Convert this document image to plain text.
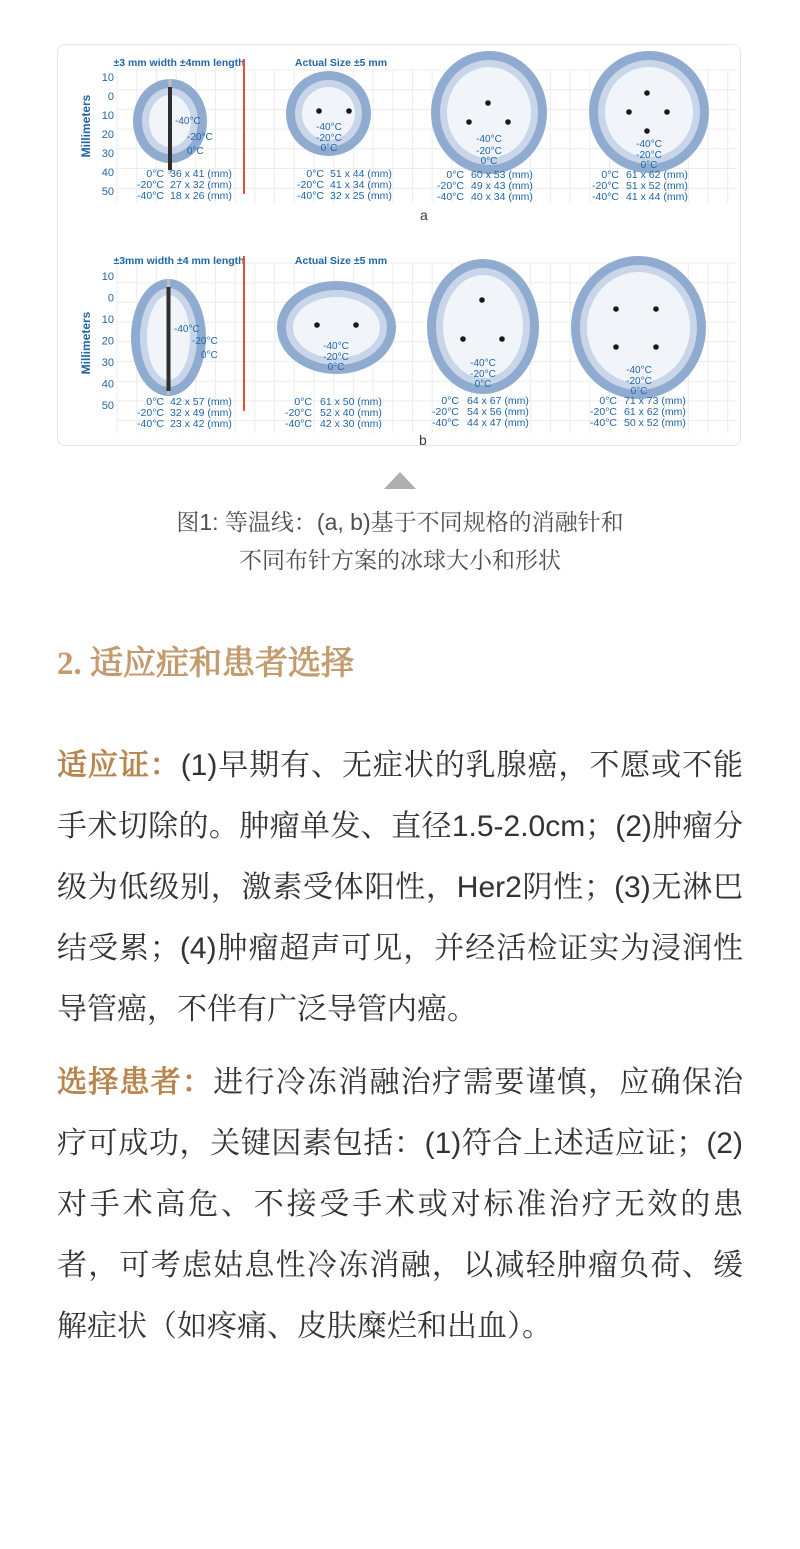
Millimeters
10
0
10
20
30
40
50
±3 mm width ±4mm length	Actual Size ±5 mm
-40°C
-20°C
0°C
0°C 36 x 41 (mm)
-20°C 27 x 32 (mm)
-40°C 18 x 26 (mm)
-40°C
-20°C
0°C
0°C 51 x 44 (mm)
-20°C 41 x 34 (mm)
-40°C 32 x 25 (mm)
-40°C
-20°C
0°C
0°C 60 x 53 (mm)
-20°C 49 x 43 (mm)
-40°C 40 x 34 (mm)
-40°C
-20°C
0°C
0°C 61 x 62 (mm)
-20°C 51 x 52 (mm)
-40°C 41 x 44 (mm)
a
Millimeters
10
0
10
20
30
40
50
±3mm width ±4 mm length	Actual Size ±5 mm
-40°C
-20°C
0°C
0°C 42 x 57 (mm)
-20°C 32 x 49 (mm)
-40°C 23 x 42 (mm)
-40°C
-20°C
0°C
0°C 61 x 50 (mm)
-20°C 52 x 40 (mm)
-40°C 42 x 30 (mm)
-40°C
-20°C
0°C
0°C 64 x 67 (mm)
-20°C 54 x 56 (mm)
-40°C 44 x 47 (mm)
-40°C
-20°C
0°C
0°C 71 x 73 (mm)
-20°C 61 x 62 (mm)
-40°C 50 x 52 (mm)
b
图1: 等温线：(a, b)基于不同规格的消融针和
不同布针方案的冰球大小和形状
2. 适应症和患者选择

适应证：(1)早期有、无症状的乳腺癌，不愿或不能手术切除的。肿瘤单发、直径1.5-2.0cm；(2)肿瘤分级为低级别，激素受体阳性，Her2阴性；(3)无淋巴结受累；(4)肿瘤超声可见，并经活检证实为浸润性导管癌，不伴有广泛导管内癌。

选择患者：进行冷冻消融治疗需要谨慎，应确保治疗可成功，关键因素包括：(1)符合上述适应证；(2)对手术高危、不接受手术或对标准治疗无效的患者，可考虑姑息性冷冻消融，以减轻肿瘤负荷、缓解症状（如疼痛、皮肤糜烂和出血）。
